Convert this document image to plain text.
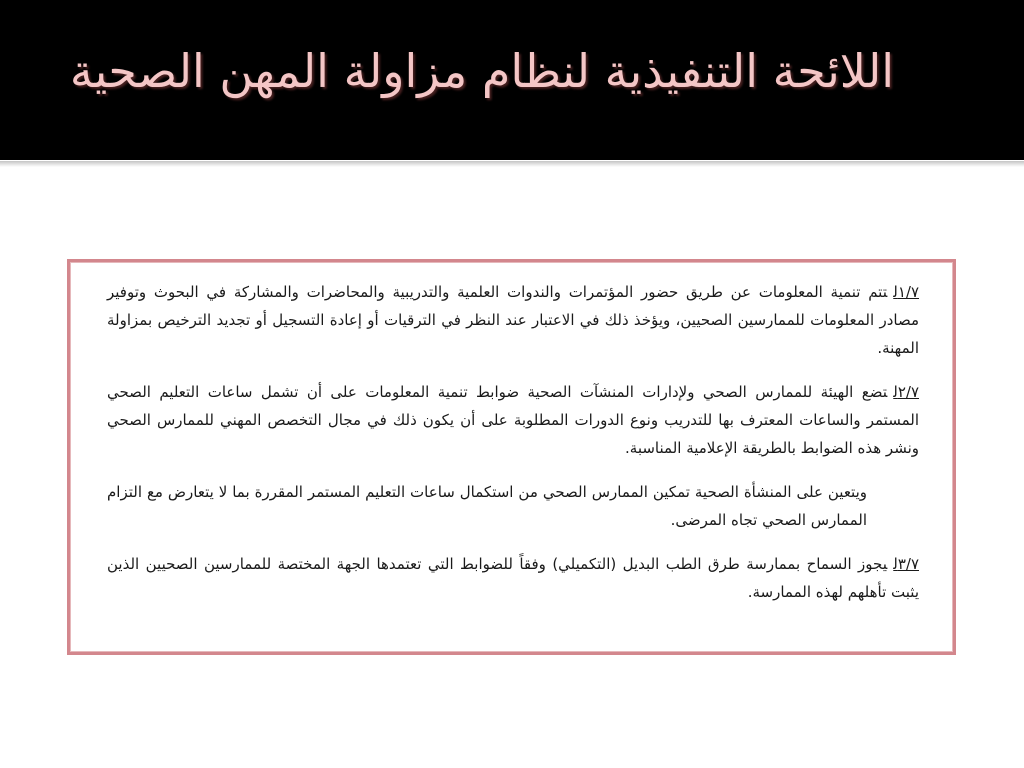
اللائحة التنفيذية لنظام مزاولة المهن الصحية

١/٧لتتم تنمية المعلومات عن طريق حضور المؤتمرات والندوات العلمية والتدريبية والمحاضرات والمشاركة في البحوث وتوفير مصادر المعلومات للممارسين الصحيين، ويؤخذ ذلك في الاعتبار عند النظر في الترقيات أو إعادة التسجيل أو تجديد الترخيص بمزاولة المهنة.

٢/٧لتضع الهيئة للممارس الصحي ولإدارات المنشآت الصحية ضوابط تنمية المعلومات على أن تشمل ساعات التعليم الصحي المستمر والساعات المعترف بها للتدريب ونوع الدورات المطلوبة على أن يكون ذلك في مجال التخصص المهني للممارس الصحي ونشر هذه الضوابط بالطريقة الإعلامية المناسبة.

ويتعين على المنشأة الصحية تمكين الممارس الصحي من استكمال ساعات التعليم المستمر المقررة بما لا يتعارض مع التزام الممارس الصحي تجاه المرضى.

٣/٧ليجوز السماح بممارسة طرق الطب البديل (التكميلي) وفقاً للضوابط التي تعتمدها الجهة المختصة للممارسين الصحيين الذين يثبت تأهلهم لهذه الممارسة.
